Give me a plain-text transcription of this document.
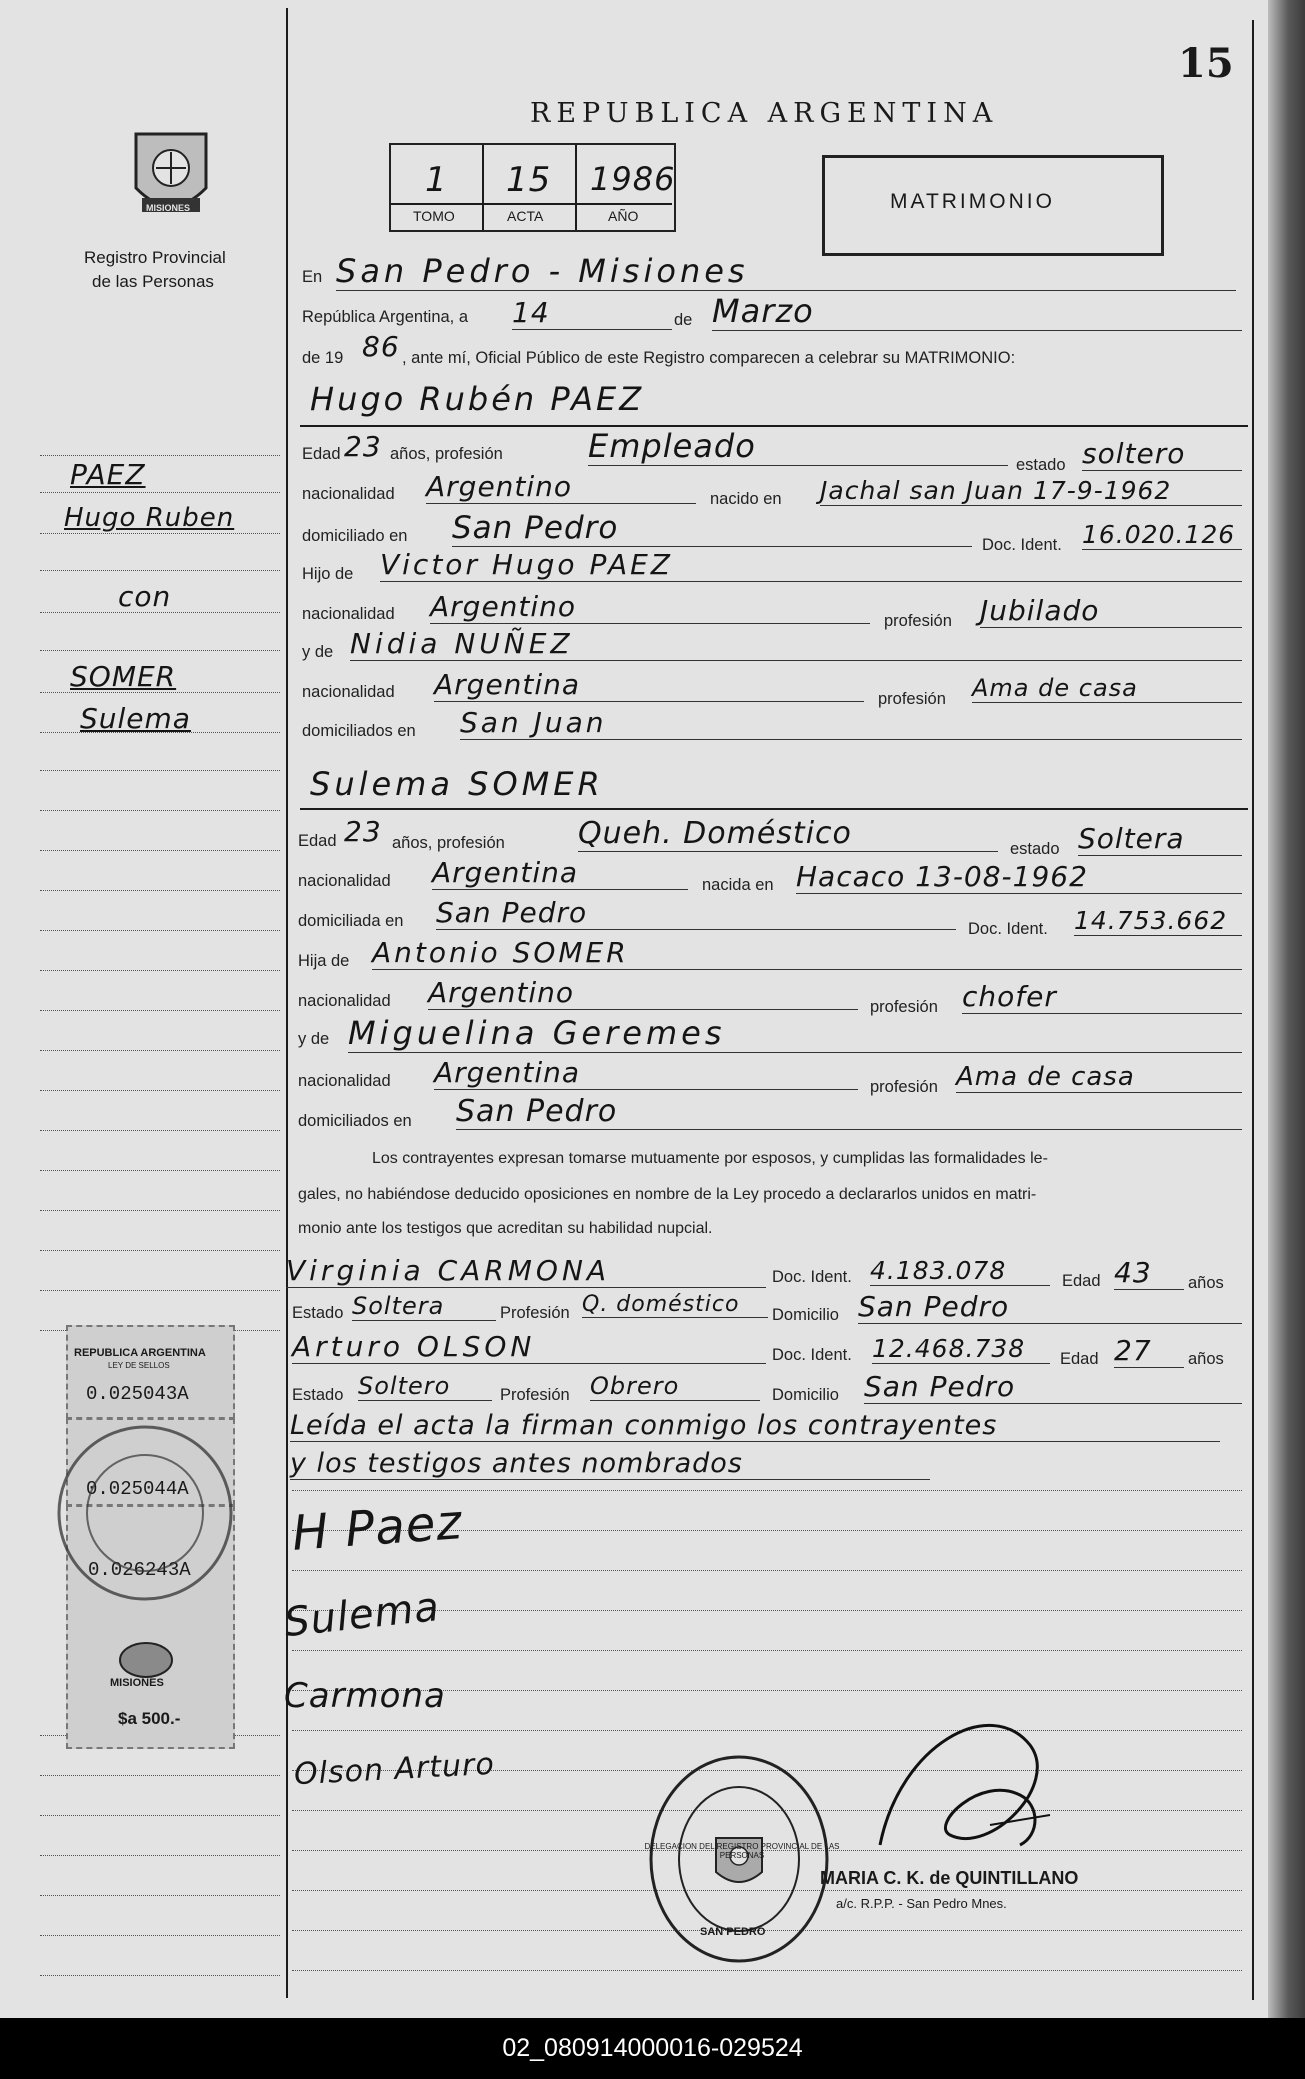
15
REPUBLICA ARGENTINA
MISIONES
Registro Provincial
de las Personas
1 15 1986
TOMO	ACTA	AÑO
MATRIMONIO
PAEZ
Hugo Ruben
con
SOMER
Sulema
En San Pedro - Misiones
República Argentina, a 14	de Marzo
de 19 86 , ante mí, Oficial Público de este Registro comparecen a celebrar su MATRIMONIO:
Hugo Rubén PAEZ
Edad 23 años, profesión	Empleado	estado soltero
nacionalidad Argentino	nacido en Jachal san Juan 17-9-1962
domiciliado en San Pedro	Doc. Ident. 16.020.126
Hijo de Victor Hugo PAEZ
nacionalidad Argentino	profesión Jubilado
y de Nidia NUÑEZ
nacionalidad Argentina	profesión Ama de casa
domiciliados en San Juan
Sulema SOMER
Edad 23 años, profesión Queh. Doméstico	estado Soltera
nacionalidad Argentina	nacida en Hacaco 13-08-1962
domiciliada en San Pedro	Doc. Ident. 14.753.662
Hija de Antonio SOMER
nacionalidad Argentino	profesión chofer
y de Miguelina Geremes
nacionalidad Argentina	profesión Ama de casa
domiciliados en San Pedro
Los contrayentes expresan tomarse mutuamente por esposos, y cumplidas las formalidades le-
gales, no habiéndose deducido oposiciones en nombre de la Ley procedo a declararlos unidos en matri-
monio ante los testigos que acreditan su habilidad nupcial.
Virginia CARMONA	Doc. Ident. 4.183.078	Edad 43	años
Estado Soltera	Profesión Q. doméstico	Domicilio San Pedro
Arturo OLSON	Doc. Ident. 12.468.738	Edad 27	años
Estado Soltero	Profesión Obrero	Domicilio San Pedro
Leída el acta la firman conmigo los contrayentes
y los testigos antes nombrados
H Paez
Sulema
Carmona
Olson Arturo
REPUBLICA ARGENTINA
LEY DE SELLOS
0.025043A
0.025044A
0.026243A
MISIONES
$a 500.-
DELEGACION DEL REGISTRO PROVINCIAL DE LAS PERSONAS
SAN PEDRO
MARIA C. K. de QUINTILLANO
a/c. R.P.P. - San Pedro Mnes.
02_080914000016-029524
